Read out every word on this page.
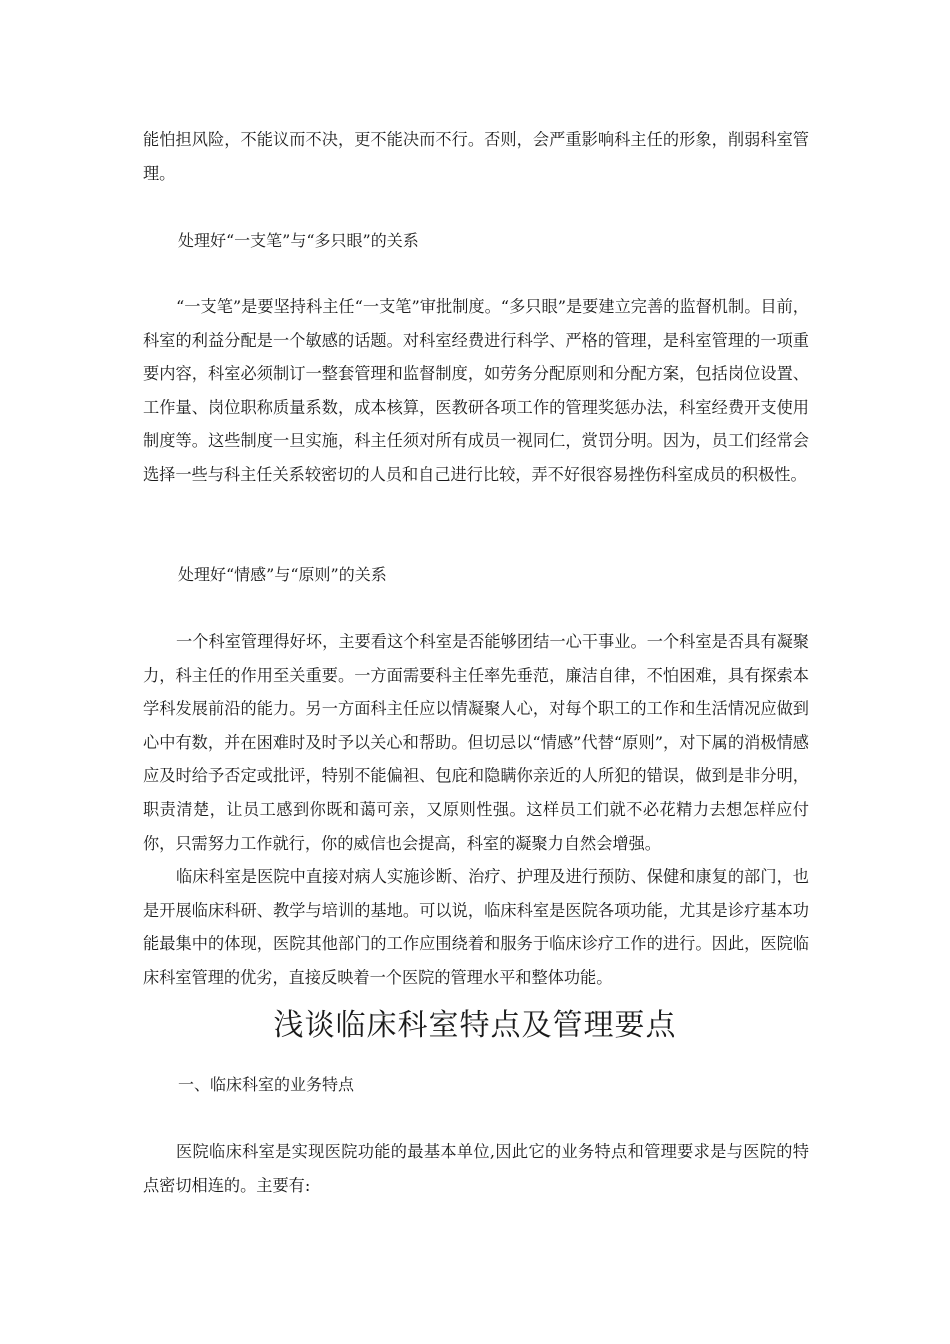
能怕担风险，不能议而不决，更不能决而不行。否则，会严重影响科主任的形象，削弱科室管理。

处理好“一支笔”与“多只眼”的关系

“一支笔”是要坚持科主任“一支笔”审批制度。“多只眼”是要建立完善的监督机制。目前，科室的利益分配是一个敏感的话题。对科室经费进行科学、严格的管理，是科室管理的一项重要内容，科室必须制订一整套管理和监督制度，如劳务分配原则和分配方案，包括岗位设置、工作量、岗位职称质量系数，成本核算，医教研各项工作的管理奖惩办法，科室经费开支使用制度等。这些制度一旦实施，科主任须对所有成员一视同仁，赏罚分明。因为，员工们经常会选择一些与科主任关系较密切的人员和自己进行比较，弄不好很容易挫伤科室成员的积极性。

处理好“情感”与“原则”的关系

一个科室管理得好坏，主要看这个科室是否能够团结一心干事业。一个科室是否具有凝聚力，科主任的作用至关重要。一方面需要科主任率先垂范，廉洁自律，不怕困难，具有探索本学科发展前沿的能力。另一方面科主任应以情凝聚人心，对每个职工的工作和生活情况应做到心中有数，并在困难时及时予以关心和帮助。但切忌以“情感”代替“原则”，对下属的消极情感应及时给予否定或批评，特别不能偏袒、包庇和隐瞒你亲近的人所犯的错误，做到是非分明，职责清楚，让员工感到你既和蔼可亲，又原则性强。这样员工们就不必花精力去想怎样应付你，只需努力工作就行，你的威信也会提高，科室的凝聚力自然会增强。

临床科室是医院中直接对病人实施诊断、治疗、护理及进行预防、保健和康复的部门，也是开展临床科研、教学与培训的基地。可以说，临床科室是医院各项功能，尤其是诊疗基本功能最集中的体现，医院其他部门的工作应围绕着和服务于临床诊疗工作的进行。因此，医院临床科室管理的优劣，直接反映着一个医院的管理水平和整体功能。

浅谈临床科室特点及管理要点

一、临床科室的业务特点

医院临床科室是实现医院功能的最基本单位,因此它的业务特点和管理要求是与医院的特点密切相连的。主要有:
